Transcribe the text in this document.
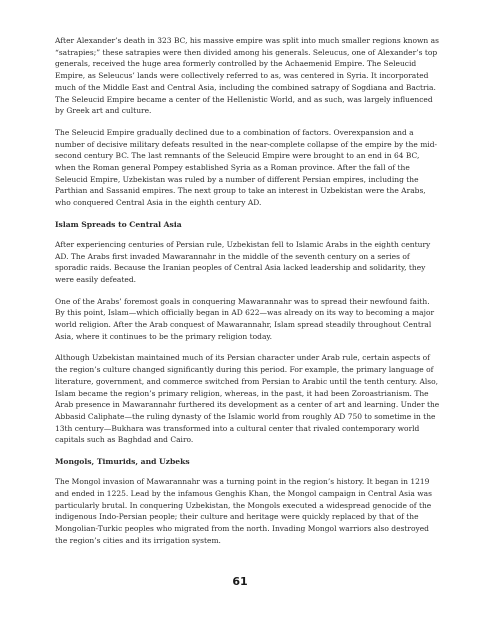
After Alexander’s death in 323 BC, his massive empire was split into much smaller regions known as “satrapies;” these satrapies were then divided among his generals. Seleucus, one of Alexander’s top generals, received the huge area formerly controlled by the Achaemenid Empire. The Seleucid Empire, as Seleucus’ lands were collectively referred to as, was centered in Syria. It incorporated much of the Middle East and Central Asia, including the combined satrapy of Sogdiana and Bactria. The Seleucid Empire became a center of the Hellenistic World, and as such, was largely influenced by Greek art and culture.

The Seleucid Empire gradually declined due to a combination of factors. Overexpansion and a number of decisive military defeats resulted in the near-complete collapse of the empire by the mid-second century BC. The last remnants of the Seleucid Empire were brought to an end in 64 BC, when the Roman general Pompey established Syria as a Roman province. After the fall of the Seleucid Empire, Uzbekistan was ruled by a number of different Persian empires, including the Parthian and Sassanid empires. The next group to take an interest in Uzbekistan were the Arabs, who conquered Central Asia in the eighth century AD.

Islam Spreads to Central Asia

After experiencing centuries of Persian rule, Uzbekistan fell to Islamic Arabs in the eighth century AD. The Arabs first invaded Mawarannahr in the middle of the seventh century on a series of sporadic raids. Because the Iranian peoples of Central Asia lacked leadership and solidarity, they were easily defeated.

One of the Arabs’ foremost goals in conquering Mawarannahr was to spread their newfound faith. By this point, Islam—which officially began in AD 622—was already on its way to becoming a major world religion. After the Arab conquest of Mawarannahr, Islam spread steadily throughout Central Asia, where it continues to be the primary religion today.

Although Uzbekistan maintained much of its Persian character under Arab rule, certain aspects of the region’s culture changed significantly during this period. For example, the primary language of literature, government, and commerce switched from Persian to Arabic until the tenth century. Also, Islam became the region’s primary religion, whereas, in the past, it had been Zoroastrianism. The Arab presence in Mawarannahr furthered its development as a center of art and learning. Under the Abbasid Caliphate—the ruling dynasty of the Islamic world from roughly AD 750 to sometime in the 13th century—Bukhara was transformed into a cultural center that rivaled contemporary world capitals such as Baghdad and Cairo.

Mongols, Timurids, and Uzbeks

The Mongol invasion of Mawarannahr was a turning point in the region’s history. It began in 1219 and ended in 1225. Lead by the infamous Genghis Khan, the Mongol campaign in Central Asia was particularly brutal. In conquering Uzbekistan, the Mongols executed a widespread genocide of the indigenous Indo-Persian people; their culture and heritage were quickly replaced by that of the Mongolian-Turkic peoples who migrated from the north. Invading Mongol warriors also destroyed the region’s cities and its irrigation system.

61
